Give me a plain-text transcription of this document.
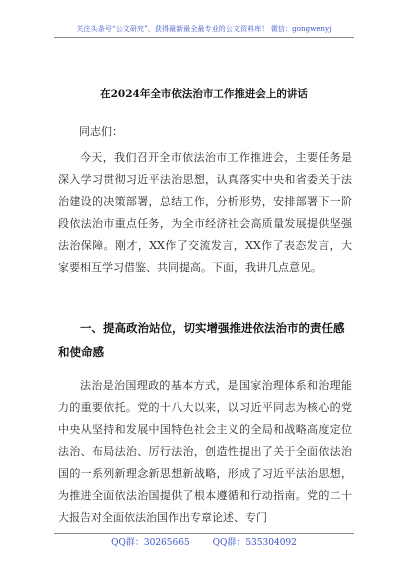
关注头条号“公文研究”，获得最新最全最专业的公文资料库！ 微信：gongwenyj
在2024年全市依法治市工作推进会上的讲话

同志们：

今天，我们召开全市依法治市工作推进会，主要任务是深入学习贯彻习近平法治思想，认真落实中央和省委关于法治建设的决策部署，总结工作，分析形势，安排部署下一阶段依法治市重点任务，为全市经济社会高质量发展提供坚强法治保障。刚才，XX作了交流发言，XX作了表态发言，大家要相互学习借鉴、共同提高。下面，我讲几点意见。

一、提高政治站位，切实增强推进依法治市的责任感和使命感

法治是治国理政的基本方式，是国家治理体系和治理能力的重要依托。党的十八大以来，以习近平同志为核心的党中央从坚持和发展中国特色社会主义的全局和战略高度定位法治、布局法治、厉行法治，创造性提出了关于全面依法治国的一系列新理念新思想新战略，形成了习近平法治思想，为推进全面依法治国提供了根本遵循和行动指南。党的二十大报告对全面依法治国作出专章论述、专门

QQ群：30265665	QQ群：535304092
